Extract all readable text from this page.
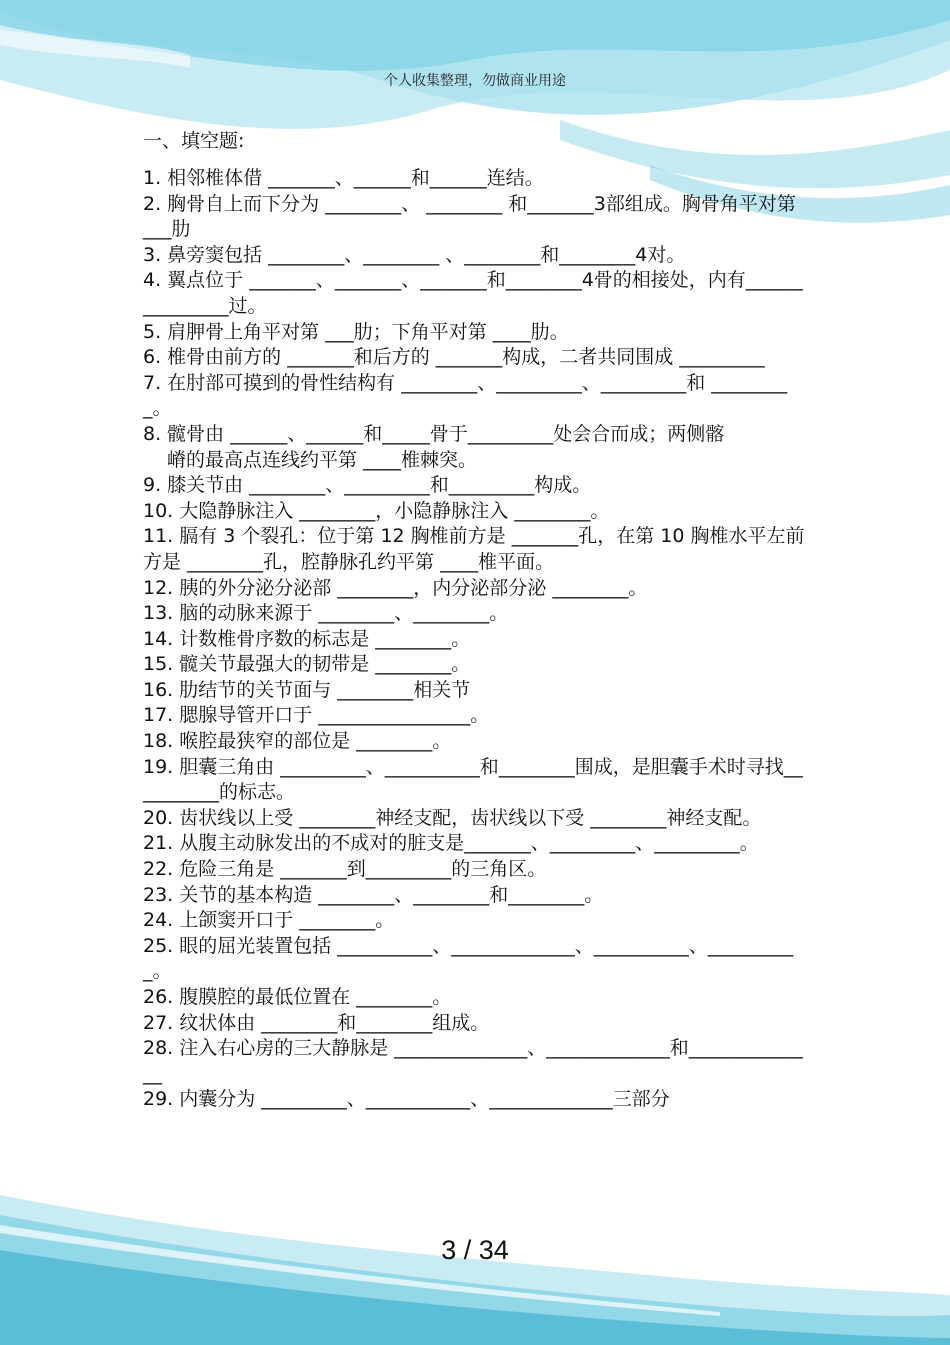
个人收集整理，勿做商业用途
一、填空题:

1. 相邻椎体借 _______、______和______连结。

2. 胸骨自上而下分为 ________、 ________ 和_______3部组成。胸骨角平对第 ___肋

3. 鼻旁窦包括 ________、________ 、________和________4对。

4. 翼点位于 _______、_______、_______和________4骨的相接处，内有_______________过。

5. 肩胛骨上角平对第 ___肋；下角平对第 ____肋。

6. 椎骨由前方的 _______和后方的 _______构成，二者共同围成 _________

7. 在肘部可摸到的骨性结构有 ________、_________、_________和 _________。

8. 髋骨由 ______、______和_____骨于_________处会合而成；两侧髂

嵴的最高点连线约平第 ____椎棘突。

9. 膝关节由 ________、_________和_________构成。

10. 大隐静脉注入 ________，小隐静脉注入 ________。

11. 膈有 3 个裂孔：位于第 12 胸椎前方是 _______孔，在第 10 胸椎水平左前方是 ________孔，腔静脉孔约平第 ____椎平面。

12. 胰的外分泌分泌部 ________，内分泌部分泌 ________。

13. 脑的动脉来源于 ________、________。

14. 计数椎骨序数的标志是 ________。

15. 髋关节最强大的韧带是 ________。

16. 肋结节的关节面与 ________相关节

17. 腮腺导管开口于 ________________。

18. 喉腔最狭窄的部位是 ________。

19. 胆囊三角由 _________、__________和________围成，是胆囊手术时寻找__________的标志。

20. 齿状线以上受 ________神经支配，齿状线以下受 ________神经支配。

21. 从腹主动脉发出的不成对的脏支是_______、_________、_________。

22. 危险三角是 _______到_________的三角区。

23. 关节的基本构造 ________、________和________。

24. 上颌窦开口于 ________。

25. 眼的屈光装置包括 __________、_____________、__________、__________。

26. 腹膜腔的最低位置在 ________。

27. 纹状体由 ________和________组成。

28. 注入右心房的三大静脉是 ______________、_____________和______________

29. 内囊分为 _________、___________、_____________三部分

3 / 34
